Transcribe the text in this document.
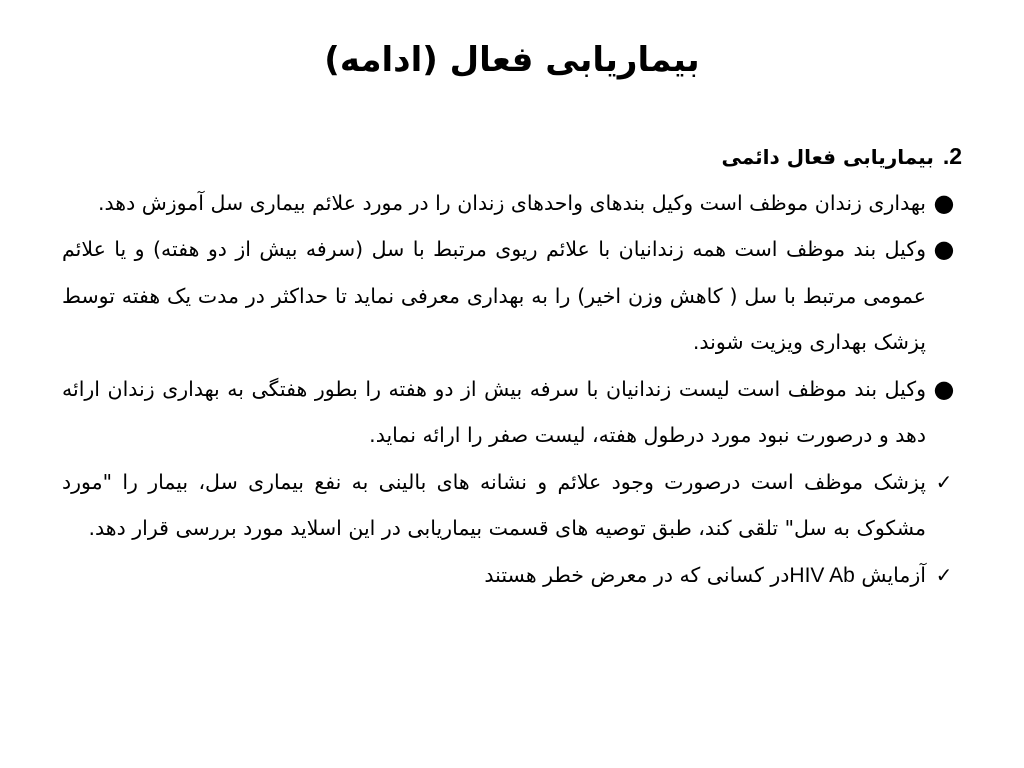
بیماریابی فعال (ادامه)
2. بیماریابی فعال دائمی
●
بهداری زندان موظف است وکیل بندهای واحدهای زندان را در مورد علائم بیماری سل آموزش دهد.
●
وکیل بند موظف است همه زندانیان با علائم ریوی مرتبط با سل (سرفه بیش از دو هفته) و یا علائم عمومی مرتبط با سل ( کاهش وزن اخیر) را به بهداری معرفی نماید تا حداکثر در مدت یک هفته توسط پزشک بهداری ویزیت شوند.
●
وکیل بند موظف است لیست زندانیان با سرفه بیش از دو هفته را بطور هفتگی به بهداری زندان ارائه دهد و درصورت نبود مورد درطول هفته، لیست صفر را ارائه نماید.
✓
پزشک موظف است درصورت وجود علائم و نشانه های بالینی به نفع بیماری سل، بیمار را "مورد مشکوک به سل" تلقی کند، طبق توصیه های قسمت بیماریابی در این اسلاید مورد بررسی قرار دهد.
✓
آزمایش HIV Abدر کسانی که در معرض خطر هستند
